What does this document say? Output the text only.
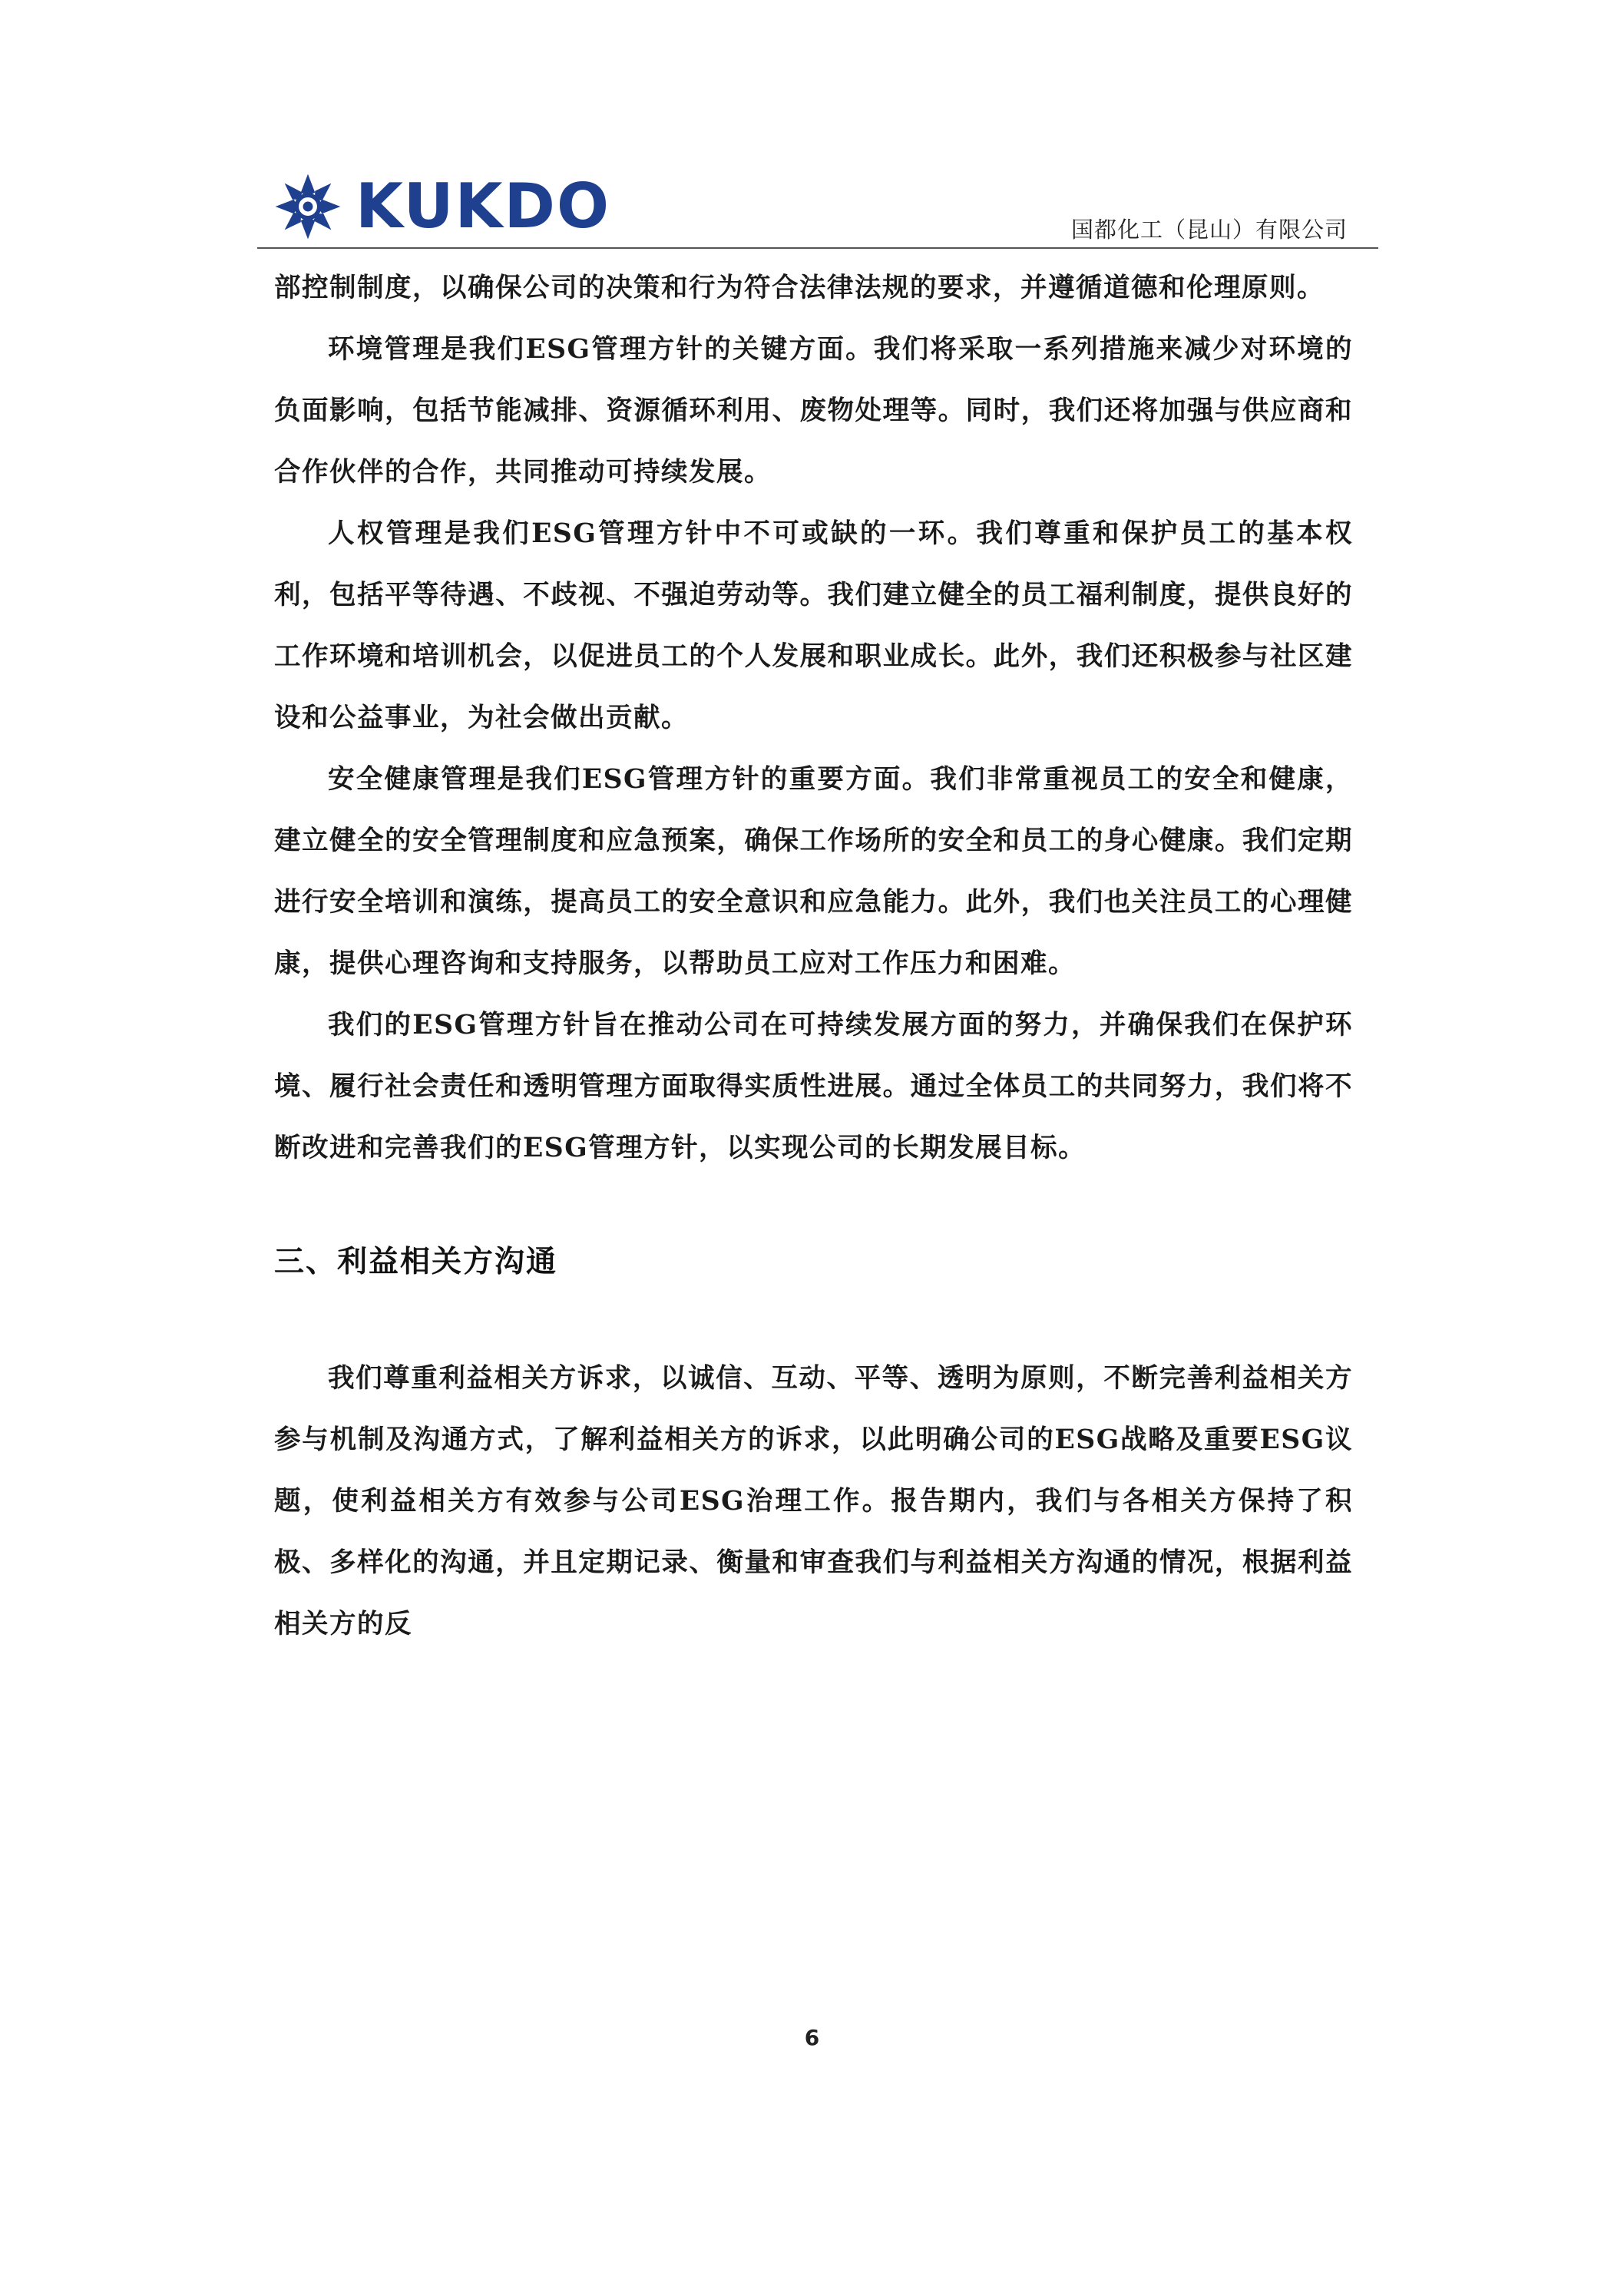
KUKDO	国都化工（昆山）有限公司

部控制制度，以确保公司的决策和行为符合法律法规的要求，并遵循道德和伦理原则。

环境管理是我们ESG管理方针的关键方面。我们将采取一系列措施来减少对环境的负面影响，包括节能减排、资源循环利用、废物处理等。同时，我们还将加强与供应商和合作伙伴的合作，共同推动可持续发展。

人权管理是我们ESG管理方针中不可或缺的一环。我们尊重和保护员工的基本权利，包括平等待遇、不歧视、不强迫劳动等。我们建立健全的员工福利制度，提供良好的工作环境和培训机会，以促进员工的个人发展和职业成长。此外，我们还积极参与社区建设和公益事业，为社会做出贡献。

安全健康管理是我们ESG管理方针的重要方面。我们非常重视员工的安全和健康，建立健全的安全管理制度和应急预案，确保工作场所的安全和员工的身心健康。我们定期进行安全培训和演练，提高员工的安全意识和应急能力。此外，我们也关注员工的心理健康，提供心理咨询和支持服务，以帮助员工应对工作压力和困难。

我们的ESG管理方针旨在推动公司在可持续发展方面的努力，并确保我们在保护环境、履行社会责任和透明管理方面取得实质性进展。通过全体员工的共同努力，我们将不断改进和完善我们的ESG管理方针，以实现公司的长期发展目标。

三、利益相关方沟通

我们尊重利益相关方诉求，以诚信、互动、平等、透明为原则，不断完善利益相关方参与机制及沟通方式，了解利益相关方的诉求，以此明确公司的ESG战略及重要ESG议题，使利益相关方有效参与公司ESG治理工作。报告期内，我们与各相关方保持了积极、多样化的沟通，并且定期记录、衡量和审查我们与利益相关方沟通的情况，根据利益相关方的反

6
